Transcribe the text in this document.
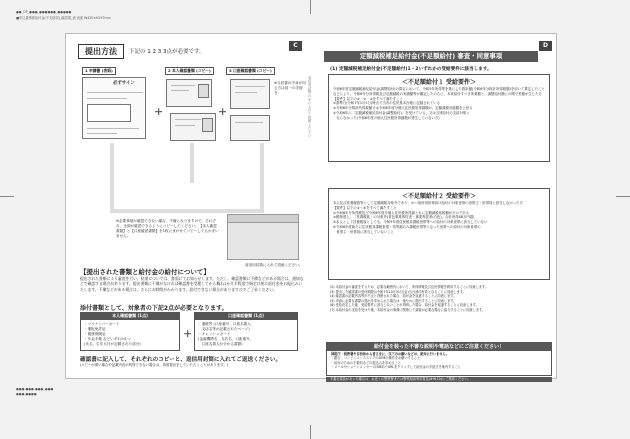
●●_OP_●●●_●●●●●●_●●●●●
■申込書裏面給付金(不支給届)_確認書_表 表面 W420×H297mm
●●●-●●●-●●●_●●●
●●●-●●●●
提出方法	下記の 1 2 3 3点が必要です。
C
1 申請書 (表紙)	2 本人確認書類 (コピー)	3 口座確認書類 (コピー)
必ずサイン
+	+
※当封書の中身が同じ方は同一の手続き
※必要事項が確認できない場合、不備となりますので、それぞれ、全面が確認できるようにコピーしてください。【本人確認書類】と【口座確認書類】を1枚にまわせてコピーしてもかまいません。
返信用封筒に入れて投函ください。
【提出された書類と給付金の給付について】
提出された書類により審査を行い、結果については、書面にてお知らせします。ただし、確認書類に不備などがある場合は、通知などで確認する場合があります。提出書類に不備がなければ確認書を受理してから概ね1か月半程度で指定口座に給付金をお振込みいたします。不備などがある場合は、さらにお時間がかかります。給付できない場合がありますのでご了承ください。
添付書類として、対象者の下記2点が必要となります。
本人確認書類 (1点)
・マイナンバーカード
・運転免許証
・健康保険証
・年金手帳 などいずれか1つ
(氏名、生年月日が記載された部分)
+
口座確認書類 (1点)
・通帳等 (口座番号、口座名義人、
　支店名等が記載されたページ)
・キャッシュカード
(金融機関名、支店名、口座番号、
　口座名義人が分かる書類)
確認書に記入して、それぞれのコピーと、返信用封筒に入れてご返送ください。
(コピーが薄い場合や記載内容が判別できない場合は、再度提出をしていただくことがあります。)
返信用封筒の中に入れて投函ください
D
定額減税補足給付金(不足額給付) 審査・同意事項
(1) 定額減税補足給付金(不足額給付)1・2いずれかの受給要件に該当します。
＜不足額給付１ 受給要件＞
令和6年度定額減税補足給付金(調整給付)の算定において、令和5年所得等を基にした推計額(令和6年分推計所得税額)を用いて算定したことなどにより、令和6年分所得税及び定額減税の実績額等が確定したのちに、本来給付すべき所要額と、調整給付額との間で差額が生じた方
【要件】以下の①・②・③をすべて満たすこと
①基準日(令和7年1月1日)時点で当市の住民基本台帳に記録されている
②令和6年分推計所得税額又は令和6年度分個人住民税所得割額が、定額減税可能額を上回る
③令和6年に「定額減税補足給付金(調整給付)」を受けている、又は当該給付の支給対象と
　ならなかった(令和6年度の個人住民税所得割額が発生していない方)
＜不足額給付２ 受給要件＞
本人及び扶養親族等として定額減税対象外であり、かつ低所得世帯向け給付の対象世帯の世帯主・世帯員に該当しなかった方
【要件】以下の①～④をすべて満たすこと
①令和6年分所得税及び令和6年度分個人住民税所得割ともに定額減税前税額がゼロである
②税制度上、「扶養親族」の対象外(青色事業専従者・事業専従者(白色)、合計所得48万円超)
③本人として扶養親族としても、令和5年度住民税非課税世帯等への給付の対象世帯に該当していない
④令和6年度新たに住民税非課税世帯・均等割のみ課税世帯等となった世帯への給付の対象世帯の
　世帯主・世帯員に該当していないこと
(2) 本給付金の審査をするため、必要な範囲内において、所得情報及び住民情報を利用することに同意します。
(3) 提出した確認書の受付期限は令和7年10月31日(金)当日消印有効となることに同意します。
(4) 確認書の記載内容等が不正と判断された場合、給付金を返還することに同意します。
(5) 申請に必要な書類の提出を求められた場合は、速やかに提出することに同意します。
(6) 受給決定した後、受給要件に該当しないことが判明した場合、給付金を返還することに同意します。
(7) 本給付金の支給を受けた後、本給付金の事務に関連して調査が必要な場合に協力することに同意します。
給付金を装った不審な説明や電話などにご注意ください！
国税庁・税務署や自治体から皆さまに、以下のお願いなどは、絶対に行いません。
・銀行、コンビニエンスストアのATMの操作をお願いすること
・給付のための手数料などの振込みを求めること
・メールやショートメッセージ(SMS)でURLをクリックして給付金の手続きを案内すること
不審な電話があった場合は、お近くの警察署または警察相談専用電話(#9110)にご連絡ください。
